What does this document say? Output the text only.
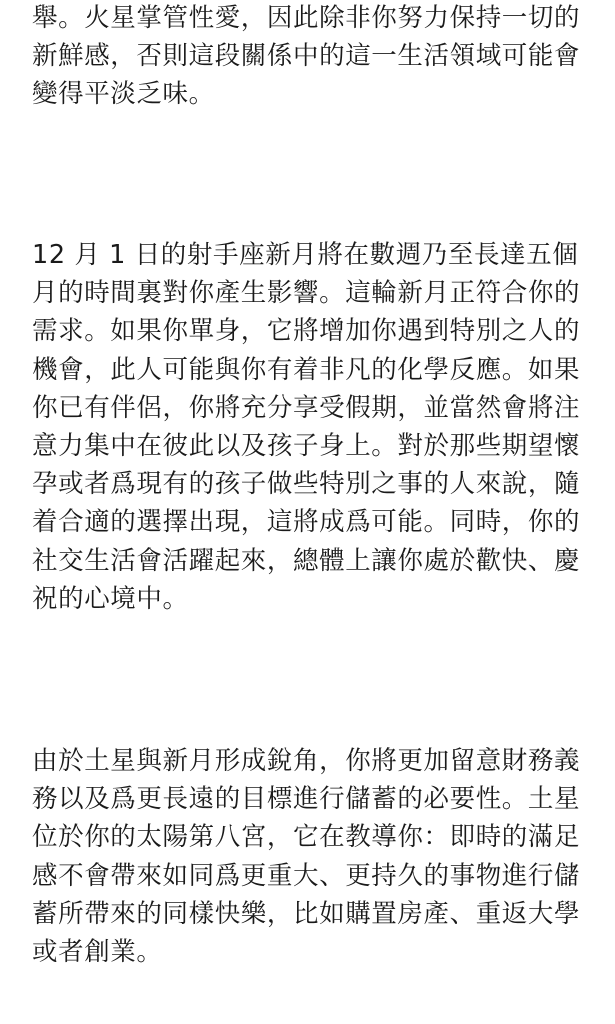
舉。火星掌管性愛，因此除非你努力保持一切的
新鮮感，否則這段關係中的這一生活領域可能會
變得平淡乏味。
12 月 1 日的射手座新月將在數週乃至長達五個
月的時間裏對你產生影響。這輪新月正符合你的
需求。如果你單身，它將增加你遇到特別之人的
機會，此人可能與你有着非凡的化學反應。如果
你已有伴侶，你將充分享受假期，並當然會將注
意力集中在彼此以及孩子身上。對於那些期望懷
孕或者爲現有的孩子做些特別之事的人來說，隨
着合適的選擇出現，這將成爲可能。同時，你的
社交生活會活躍起來，總體上讓你處於歡快、慶
祝的心境中。
由於土星與新月形成銳角，你將更加留意財務義
務以及爲更長遠的目標進行儲蓄的必要性。土星
位於你的太陽第八宮，它在教導你：即時的滿足
感不會帶來如同爲更重大、更持久的事物進行儲
蓄所帶來的同樣快樂，比如購置房產、重返大學
或者創業。
